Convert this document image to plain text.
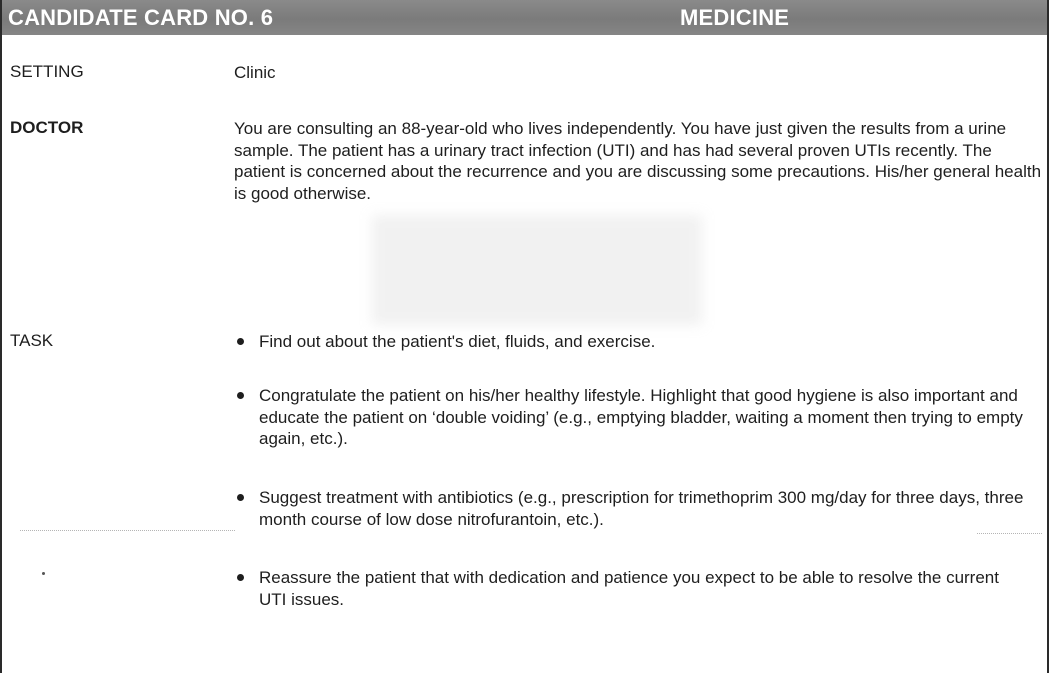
CANDIDATE CARD NO. 6	MEDICINE
SETTING	Clinic
DOCTOR	You are consulting an 88-year-old who lives independently. You have just given the results from a urine sample. The patient has a urinary tract infection (UTI) and has had several proven UTIs recently. The patient is concerned about the recurrence and you are discussing some precautions. His/her general health is good otherwise.
TASK	Find out about the patient's diet, fluids, and exercise.
Congratulate the patient on his/her healthy lifestyle. Highlight that good hygiene is also important and educate the patient on ‘double voiding’ (e.g., emptying bladder, waiting a moment then trying to empty again, etc.).
Suggest treatment with antibiotics (e.g., prescription for trimethoprim 300 mg/day for three days, three month course of low dose nitrofurantoin, etc.).
Reassure the patient that with dedication and patience you expect to be able to resolve the current UTI issues.
